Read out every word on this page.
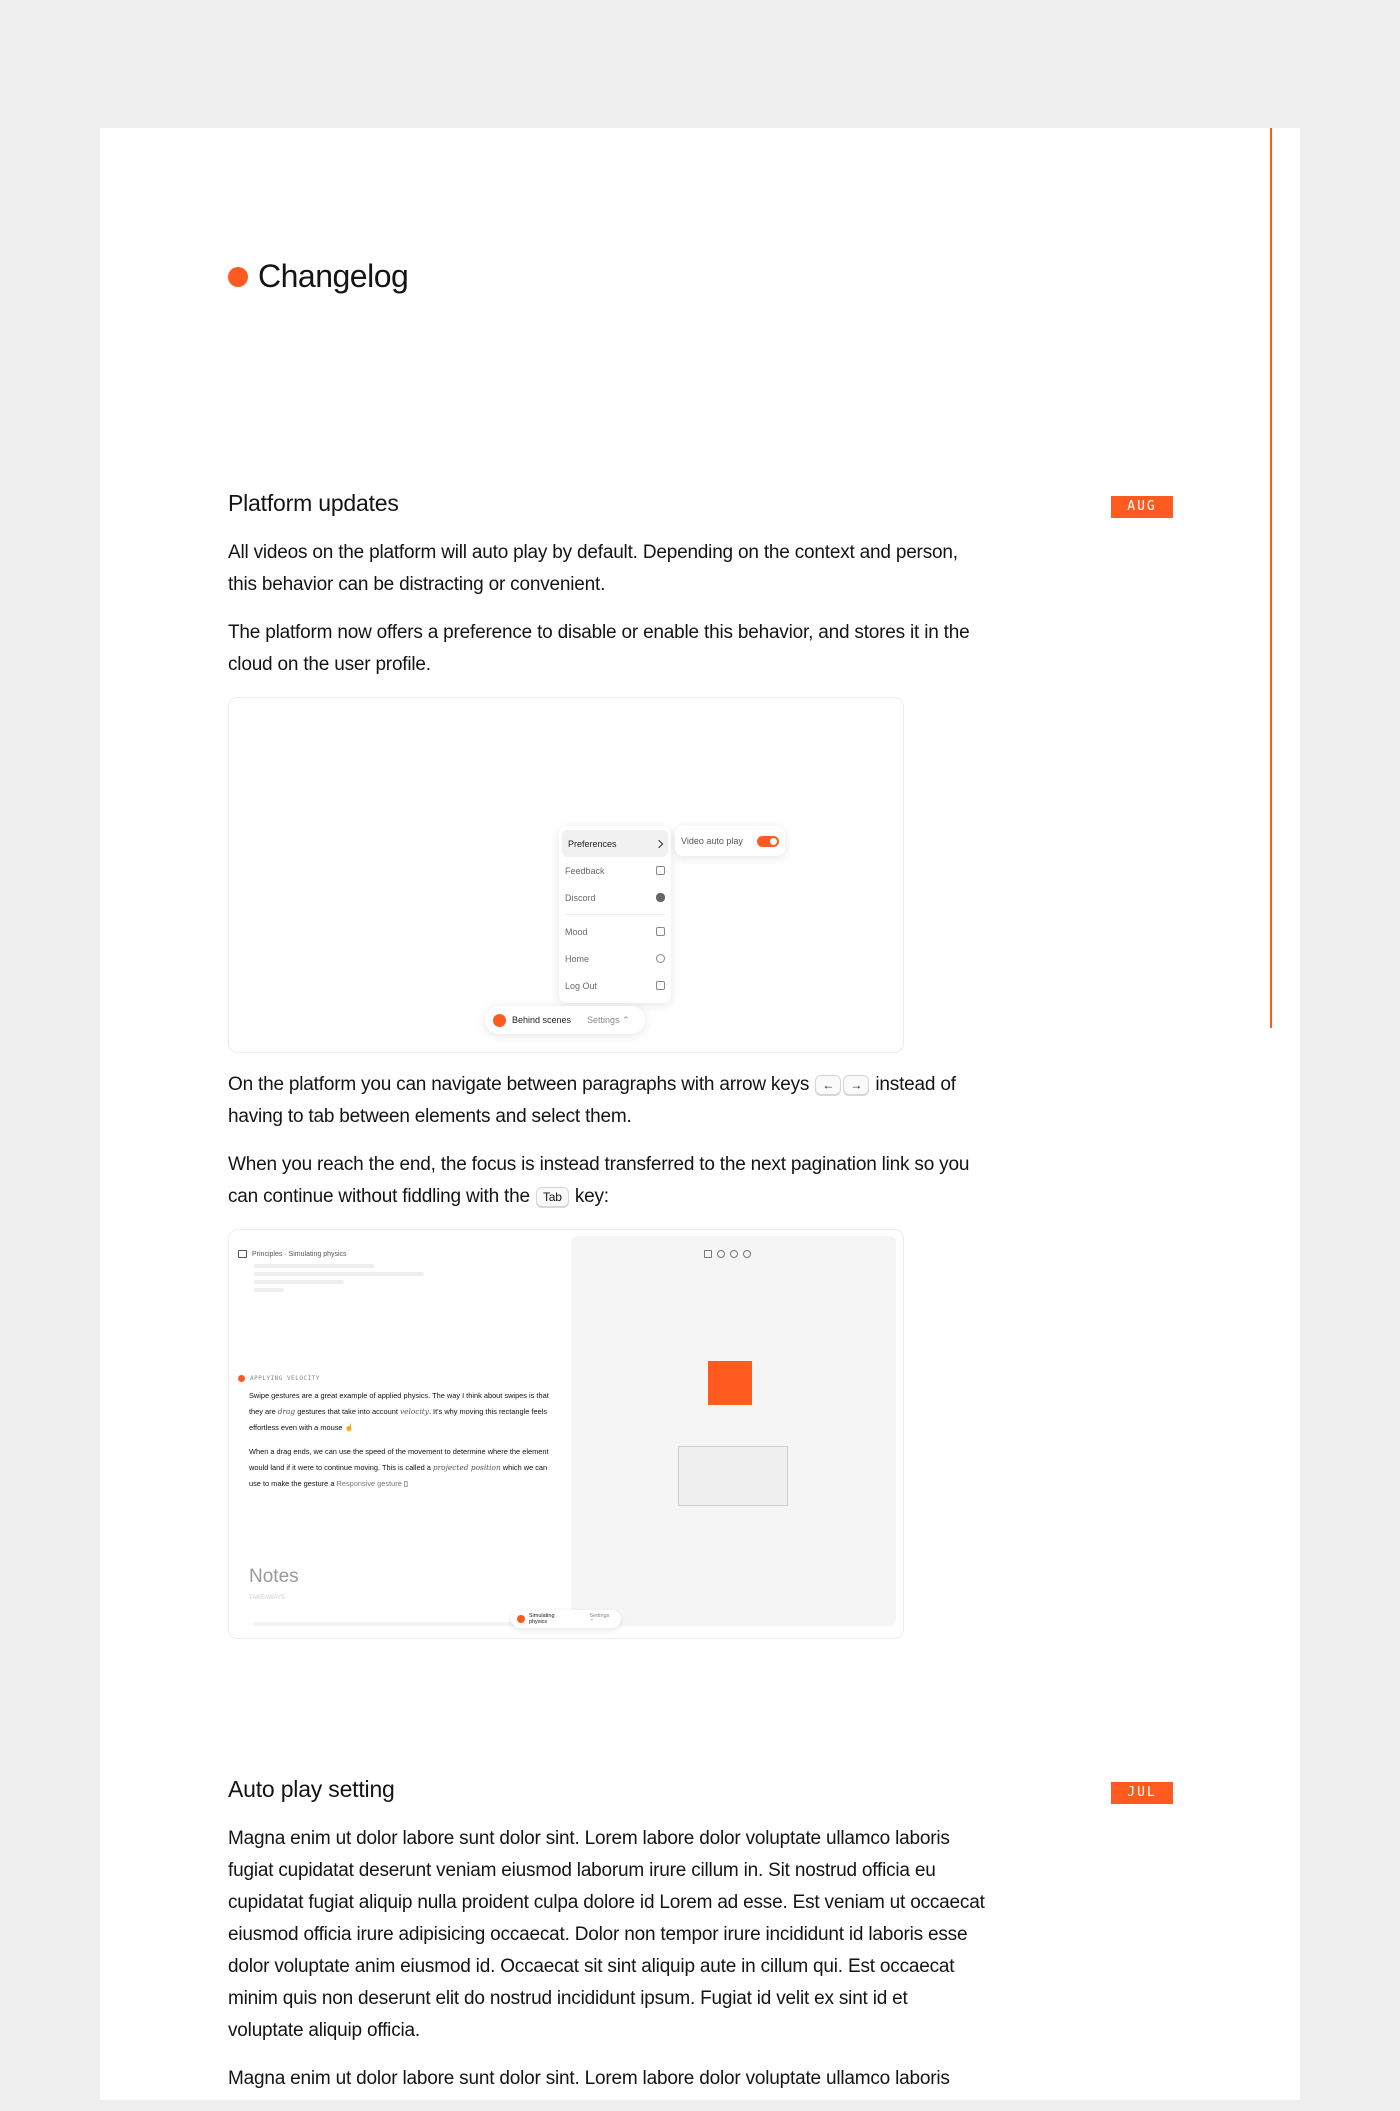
Changelog
AUG 23
Platform updates

All videos on the platform will auto play by default. Depending on the context and person, this behavior can be distracting or convenient.

The platform now offers a preference to disable or enable this behavior, and stores it in the cloud on the user profile.

Preferences
Feedback
Discord
Mood
Home
Log Out
Video auto play
Behind scenes Settings ⌃

On the platform you can navigate between paragraphs with arrow keys ← → instead of having to tab between elements and select them.

When you reach the end, the focus is instead transferred to the next pagination link so you can continue without fiddling with the Tab key:

Principles · Simulating physics
APPLYING VELOCITY
Swipe gestures are a great example of applied physics. The way I think about swipes is that they are drag gestures that take into account velocity. It's why moving this rectangle feels effortless even with a mouse ☝
When a drag ends, we can use the speed of the movement to determine where the element would land if it were to continue moving. This is called a projected position which we can use to make the gesture a Responsive gesture ▯
Notes
TAKEAWAYS
Simulating physics
Settings ⌃
JUL 24
Auto play setting

Magna enim ut dolor labore sunt dolor sint. Lorem labore dolor voluptate ullamco laboris fugiat cupidatat deserunt veniam eiusmod laborum irure cillum in. Sit nostrud officia eu cupidatat fugiat aliquip nulla proident culpa dolore id Lorem ad esse. Est veniam ut occaecat eiusmod officia irure adipisicing occaecat. Dolor non tempor irure incididunt id laboris esse dolor voluptate anim eiusmod id. Occaecat sit sint aliquip aute in cillum qui. Est occaecat minim quis non deserunt elit do nostrud incididunt ipsum. Fugiat id velit ex sint id et voluptate aliquip officia.

Magna enim ut dolor labore sunt dolor sint. Lorem labore dolor voluptate ullamco laboris
